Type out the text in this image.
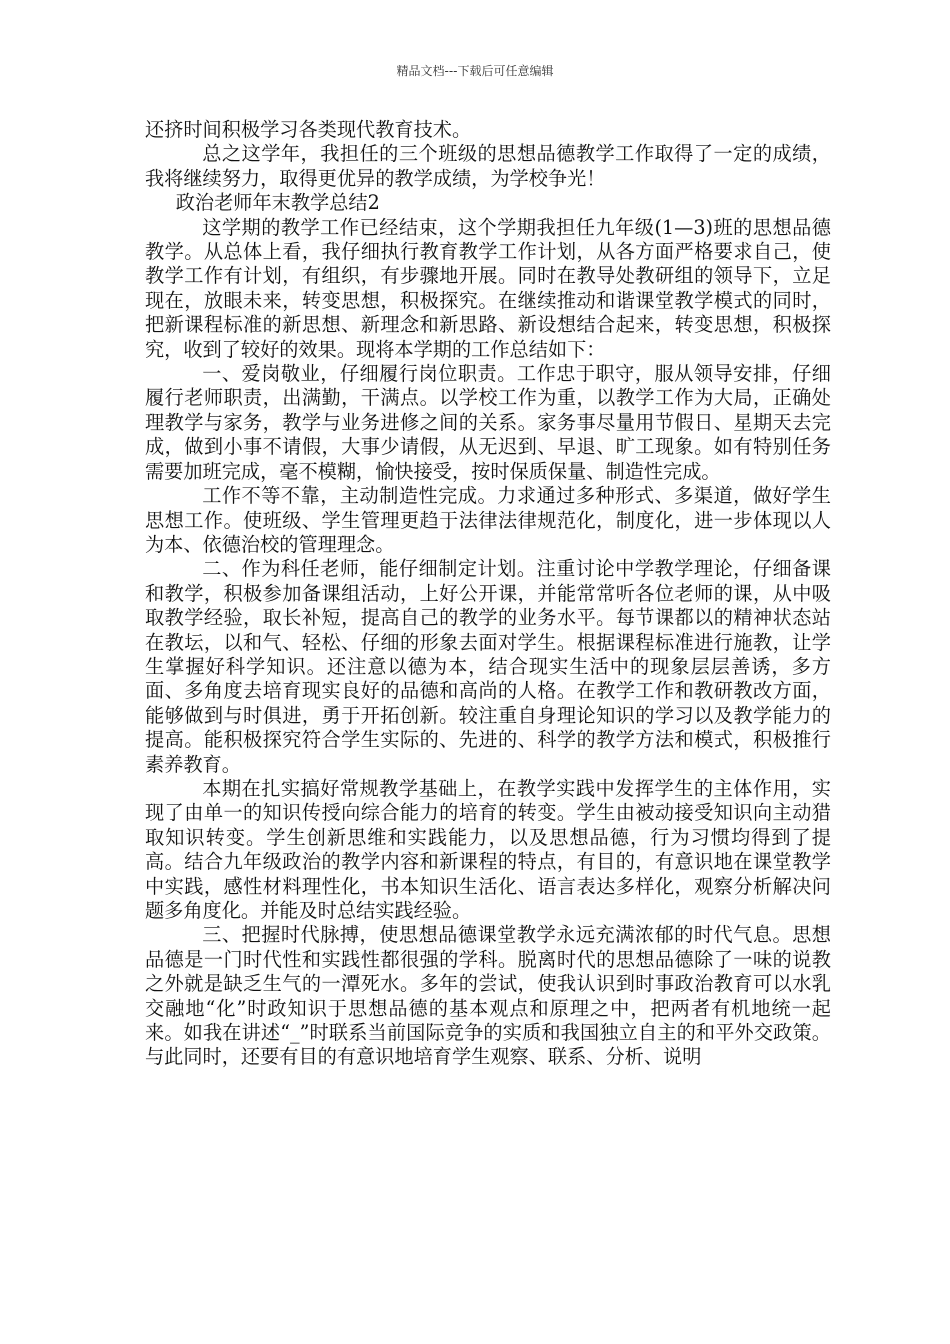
精品文档---下载后可任意编辑

还挤时间积极学习各类现代教育技术。

总之这学年，我担任的三个班级的思想品德教学工作取得了一定的成绩，我将继续努力，取得更优异的教学成绩，为学校争光！

政治老师年末教学总结2

这学期的教学工作已经结束，这个学期我担任九年级(1—3)班的思想品德教学。从总体上看，我仔细执行教育教学工作计划，从各方面严格要求自己，使教学工作有计划，有组织，有步骤地开展。同时在教导处教研组的领导下，立足现在，放眼未来，转变思想，积极探究。在继续推动和谐课堂教学模式的同时，把新课程标准的新思想、新理念和新思路、新设想结合起来，转变思想，积极探究，收到了较好的效果。现将本学期的工作总结如下：

一、爱岗敬业，仔细履行岗位职责。工作忠于职守，服从领导安排，仔细履行老师职责，出满勤，干满点。以学校工作为重，以教学工作为大局，正确处理教学与家务，教学与业务进修之间的关系。家务事尽量用节假日、星期天去完成，做到小事不请假，大事少请假，从无迟到、早退、旷工现象。如有特别任务需要加班完成，毫不模糊，愉快接受，按时保质保量、制造性完成。

工作不等不靠，主动制造性完成。力求通过多种形式、多渠道，做好学生思想工作。使班级、学生管理更趋于法律法律规范化，制度化，进一步体现以人为本、依德治校的管理理念。

二、作为科任老师，能仔细制定计划。注重讨论中学教学理论，仔细备课和教学，积极参加备课组活动，上好公开课，并能常常听各位老师的课，从中吸取教学经验，取长补短，提高自己的教学的业务水平。每节课都以的精神状态站在教坛，以和气、轻松、仔细的形象去面对学生。根据课程标准进行施教，让学生掌握好科学知识。还注意以德为本，结合现实生活中的现象层层善诱，多方面、多角度去培育现实良好的品德和高尚的人格。在教学工作和教研教改方面，能够做到与时俱进，勇于开拓创新。较注重自身理论知识的学习以及教学能力的提高。能积极探究符合学生实际的、先进的、科学的教学方法和模式，积极推行素养教育。

本期在扎实搞好常规教学基础上，在教学实践中发挥学生的主体作用，实现了由单一的知识传授向综合能力的培育的转变。学生由被动接受知识向主动猎取知识转变。学生创新思维和实践能力，以及思想品德，行为习惯均得到了提高。结合九年级政治的教学内容和新课程的特点，有目的，有意识地在课堂教学中实践，感性材料理性化，书本知识生活化、语言表达多样化，观察分析解决问题多角度化。并能及时总结实践经验。

三、把握时代脉搏，使思想品德课堂教学永远充满浓郁的时代气息。思想品德是一门时代性和实践性都很强的学科。脱离时代的思想品德除了一味的说教之外就是缺乏生气的一潭死水。多年的尝试，使我认识到时事政治教育可以水乳交融地“化”时政知识于思想品德的基本观点和原理之中，把两者有机地统一起来。如我在讲述“_”时联系当前国际竞争的实质和我国独立自主的和平外交政策。与此同时，还要有目的有意识地培育学生观察、联系、分析、说明
